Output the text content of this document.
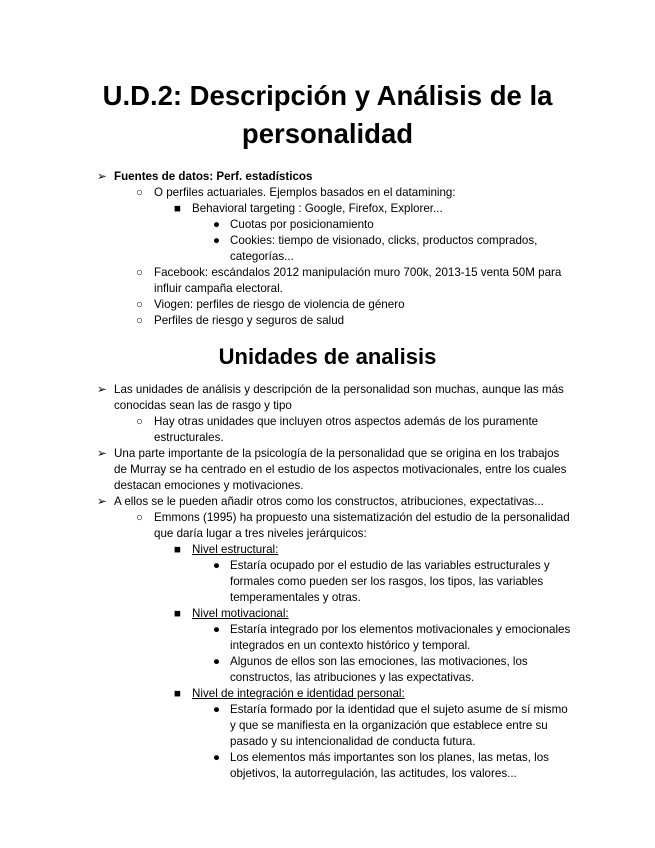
U.D.2: Descripción y Análisis de la
personalidad
➢ Fuentes de datos: Perf. estadísticos
○ O perfiles actuariales. Ejemplos basados en el datamining:
■ Behavioral targeting : Google, Firefox, Explorer...
● Cuotas por posicionamiento
● Cookies: tiempo de visionado, clicks, productos comprados,
categorías...
○ Facebook: escándalos 2012 manipulación muro 700k, 2013-15 venta 50M para
influir campaña electoral.
○ Viogen: perfiles de riesgo de violencia de género
○ Perfiles de riesgo y seguros de salud
Unidades de analisis
➢ Las unidades de análisis y descripción de la personalidad son muchas, aunque las más
conocidas sean las de rasgo y tipo
○ Hay otras unidades que incluyen otros aspectos además de los puramente
estructurales.
➢ Una parte importante de la psicología de la personalidad que se origina en los trabajos
de Murray se ha centrado en el estudio de los aspectos motivacionales, entre los cuales
destacan emociones y motivaciones.
➢ A ellos se le pueden añadir otros como los constructos, atribuciones, expectativas...
○ Emmons (1995) ha propuesto una sistematización del estudio de la personalidad
que daría lugar a tres niveles jerárquicos:
■ Nivel estructural:
● Estaría ocupado por el estudio de las variables estructurales y
formales como pueden ser los rasgos, los tipos, las variables
temperamentales y otras.
■ Nivel motivacional:
● Estaría integrado por los elementos motivacionales y emocionales
integrados en un contexto histórico y temporal.
● Algunos de ellos son las emociones, las motivaciones, los
constructos, las atribuciones y las expectativas.
■ Nivel de integración e identidad personal:
● Estaría formado por la identidad que el sujeto asume de sí mismo
y que se manifiesta en la organización que establece entre su
pasado y su intencionalidad de conducta futura.
● Los elementos más importantes son los planes, las metas, los
objetivos, la autorregulación, las actitudes, los valores...
